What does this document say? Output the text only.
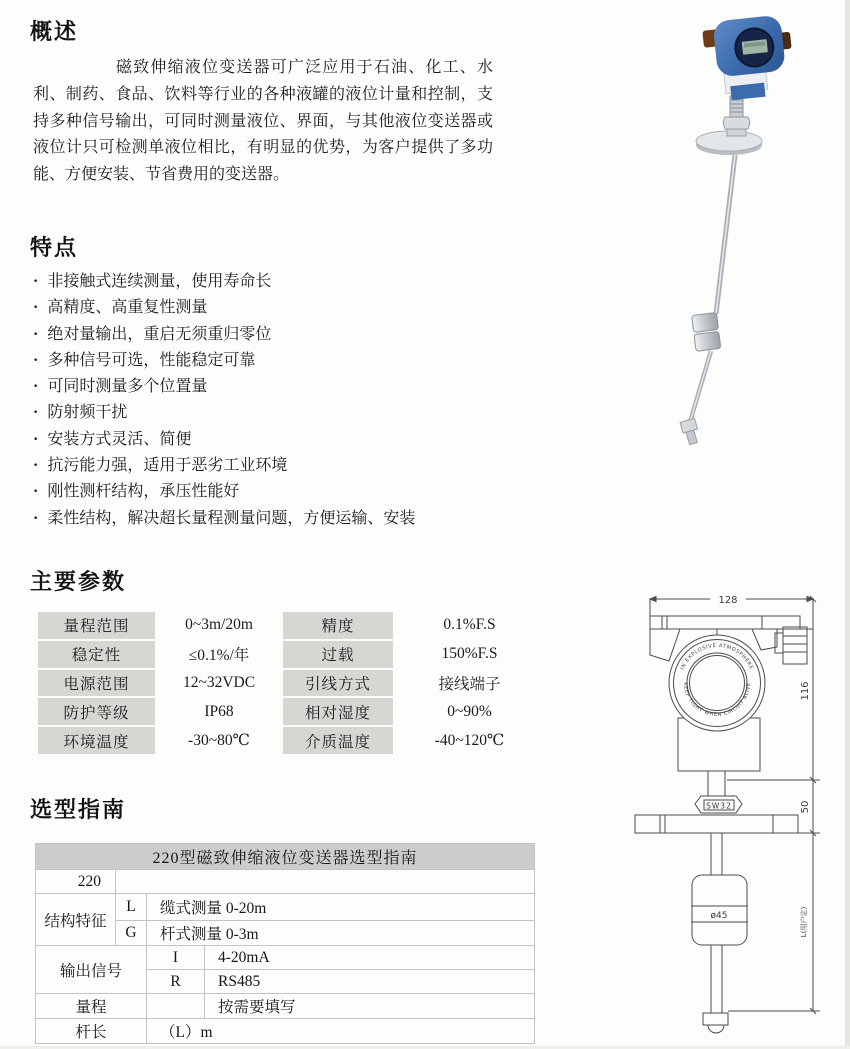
概述

磁致伸缩液位变送器可广泛应用于石油、化工、水利、制药、食品、饮料等行业的各种液罐的液位计量和控制，支持多种信号输出，可同时测量液位、界面，与其他液位变送器或液位计只可检测单液位相比，有明显的优势，为客户提供了多功能、方便安装、节省费用的变送器。

特点
· 非接触式连续测量，使用寿命长
· 高精度、高重复性测量
· 绝对量输出，重启无须重归零位
· 多种信号可选，性能稳定可靠
· 可同时测量多个位置量
· 防射频干扰
· 安装方式灵活、简便
· 抗污能力强，适用于恶劣工业环境
· 刚性测杆结构，承压性能好
· 柔性结构，解决超长量程测量问题，方便运输、安装
主要参数
量程范围	0~3m/20m	精度	0.1%F.S
稳定性	≤0.1%/年	过载	150%F.S
电源范围	12~32VDC	引线方式	接线端子
防护等级	IP68	相对湿度	0~90%
环境温度	-30~80℃	介质温度	-40~120℃
选型指南
220型磁致伸缩液位变送器选型指南			
220			
结构特征	L	缆式测量 0-20m	
	G	杆式测量 0-3m	
输出信号		I	4-20mA
		R	RS485
量程			按需要填写
杆长		（L）m	
128
IN EXPLOSIVE ATMOSPHERE
KEEP TIGHT WHEN CIRCUIT ALIVE
SW32
ø45
116
50
L(用户定)
